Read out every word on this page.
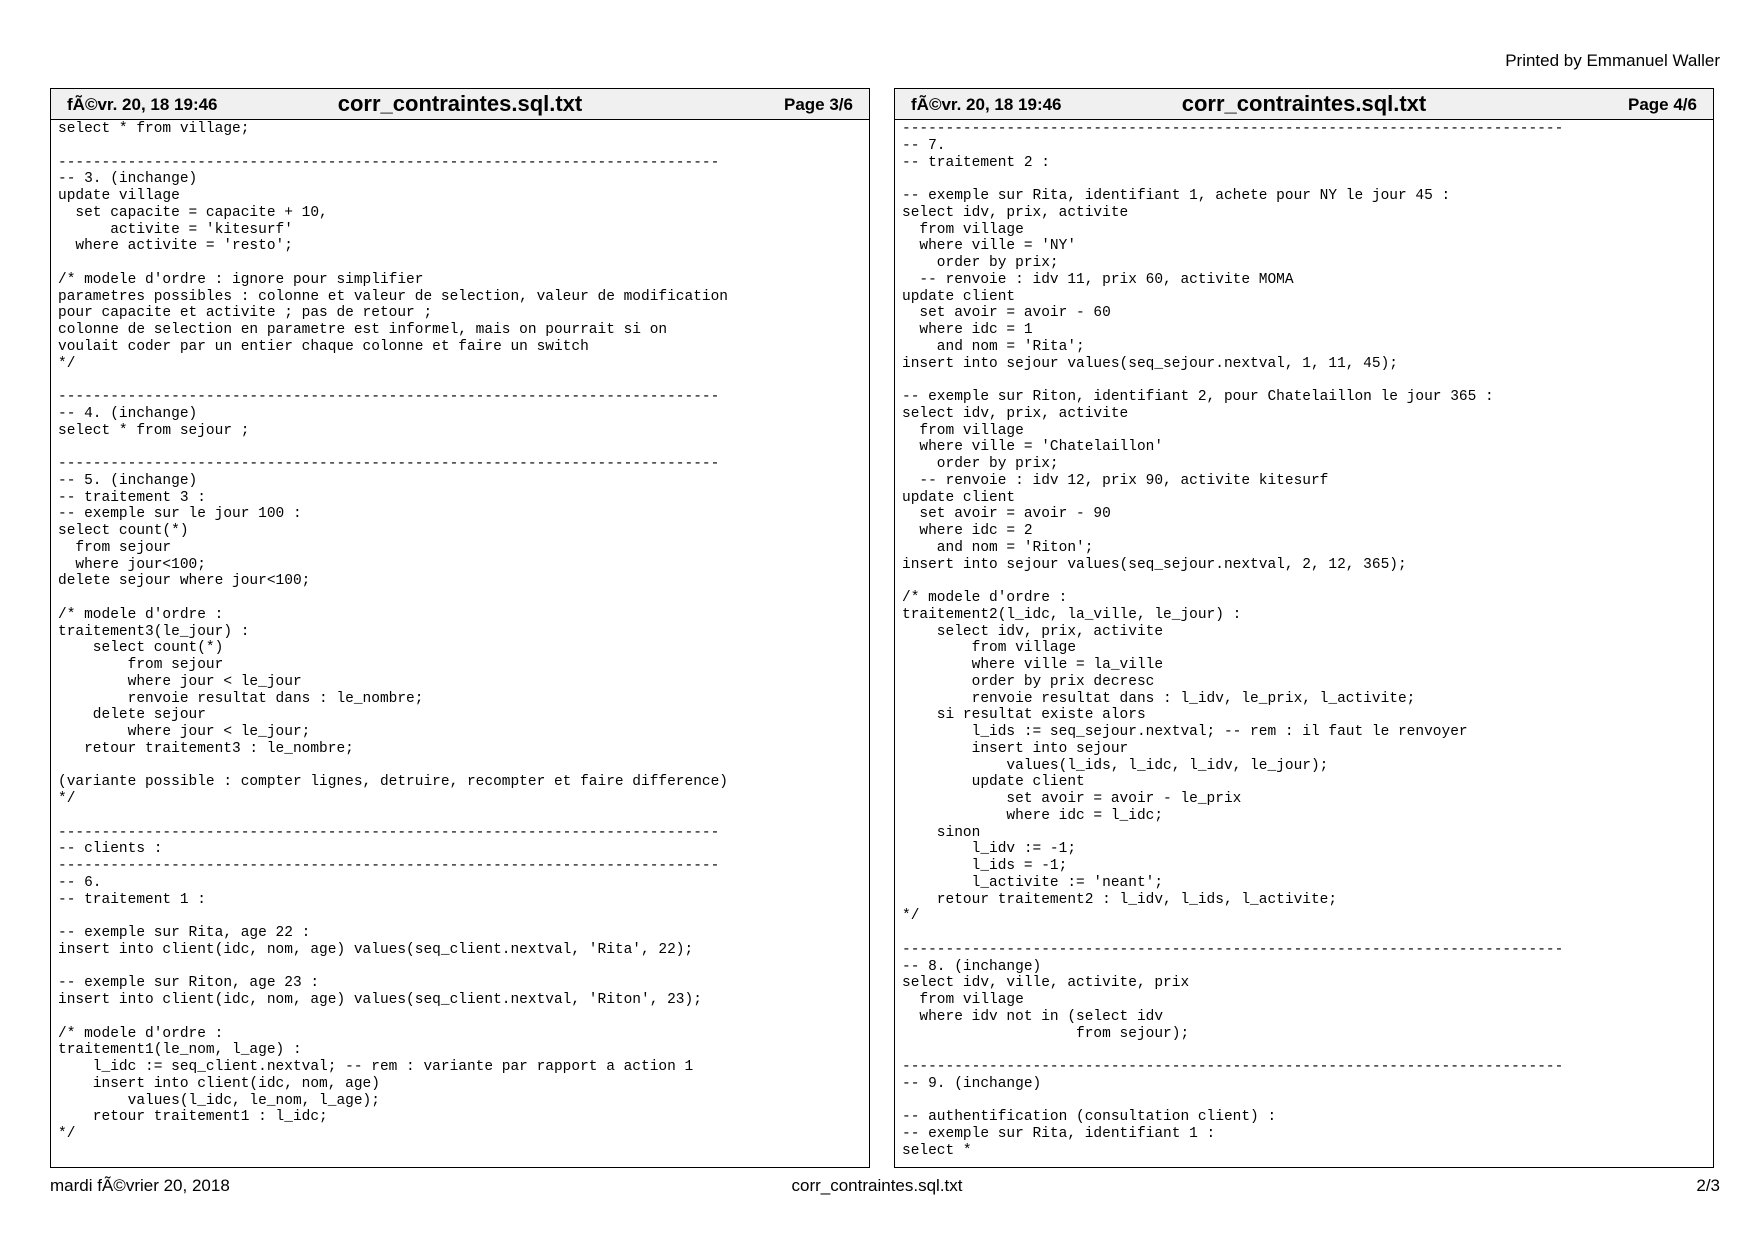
Printed by Emmanuel Waller
fÃ©vr. 20, 18 19:46	corr_contraintes.sql.txt	Page 3/6
select * from village;

----------------------------------------------------------------------------
-- 3. (inchange)
update village
set capacite = capacite + 10,
activite = 'kitesurf'
where activite = 'resto';

/* modele d'ordre : ignore pour simplifier
parametres possibles : colonne et valeur de selection, valeur de modification
pour capacite et activite ; pas de retour ;
colonne de selection en parametre est informel, mais on pourrait si on
voulait coder par un entier chaque colonne et faire un switch
*/

----------------------------------------------------------------------------
-- 4. (inchange)
select * from sejour ;

----------------------------------------------------------------------------
-- 5. (inchange)
-- traitement 3 :
-- exemple sur le jour 100 :
select count(*)
from sejour
where jour<100;
delete sejour where jour<100;

/* modele d'ordre :
traitement3(le_jour) :
select count(*)
from sejour
where jour < le_jour
renvoie resultat dans : le_nombre;
delete sejour
where jour < le_jour;
retour traitement3 : le_nombre;

(variante possible : compter lignes, detruire, recompter et faire difference)
*/

----------------------------------------------------------------------------
-- clients :
----------------------------------------------------------------------------
-- 6.
-- traitement 1 :

-- exemple sur Rita, age 22 :
insert into client(idc, nom, age) values(seq_client.nextval, 'Rita', 22);

-- exemple sur Riton, age 23 :
insert into client(idc, nom, age) values(seq_client.nextval, 'Riton', 23);

/* modele d'ordre :
traitement1(le_nom, l_age) :
l_idc := seq_client.nextval; -- rem : variante par rapport a action 1
insert into client(idc, nom, age)
values(l_idc, le_nom, l_age);
retour traitement1 : l_idc;
*/
fÃ©vr. 20, 18 19:46	corr_contraintes.sql.txt	Page 4/6
----------------------------------------------------------------------------
-- 7.
-- traitement 2 :

-- exemple sur Rita, identifiant 1, achete pour NY le jour 45 :
select idv, prix, activite
from village
where ville = 'NY'
order by prix;
-- renvoie : idv 11, prix 60, activite MOMA
update client
set avoir = avoir - 60
where idc = 1
and nom = 'Rita';
insert into sejour values(seq_sejour.nextval, 1, 11, 45);

-- exemple sur Riton, identifiant 2, pour Chatelaillon le jour 365 :
select idv, prix, activite
from village
where ville = 'Chatelaillon'
order by prix;
-- renvoie : idv 12, prix 90, activite kitesurf
update client
set avoir = avoir - 90
where idc = 2
and nom = 'Riton';
insert into sejour values(seq_sejour.nextval, 2, 12, 365);

/* modele d'ordre :
traitement2(l_idc, la_ville, le_jour) :
select idv, prix, activite
from village
where ville = la_ville
order by prix decresc
renvoie resultat dans : l_idv, le_prix, l_activite;
si resultat existe alors
l_ids := seq_sejour.nextval; -- rem : il faut le renvoyer
insert into sejour
values(l_ids, l_idc, l_idv, le_jour);
update client
set avoir = avoir - le_prix
where idc = l_idc;
sinon
l_idv := -1;
l_ids = -1;
l_activite := 'neant';
retour traitement2 : l_idv, l_ids, l_activite;
*/

----------------------------------------------------------------------------
-- 8. (inchange)
select idv, ville, activite, prix
from village
where idv not in (select idv
from sejour);

----------------------------------------------------------------------------
-- 9. (inchange)

-- authentification (consultation client) :
-- exemple sur Rita, identifiant 1 :
select *
mardi fÃ©vrier 20, 2018	corr_contraintes.sql.txt	2/3
